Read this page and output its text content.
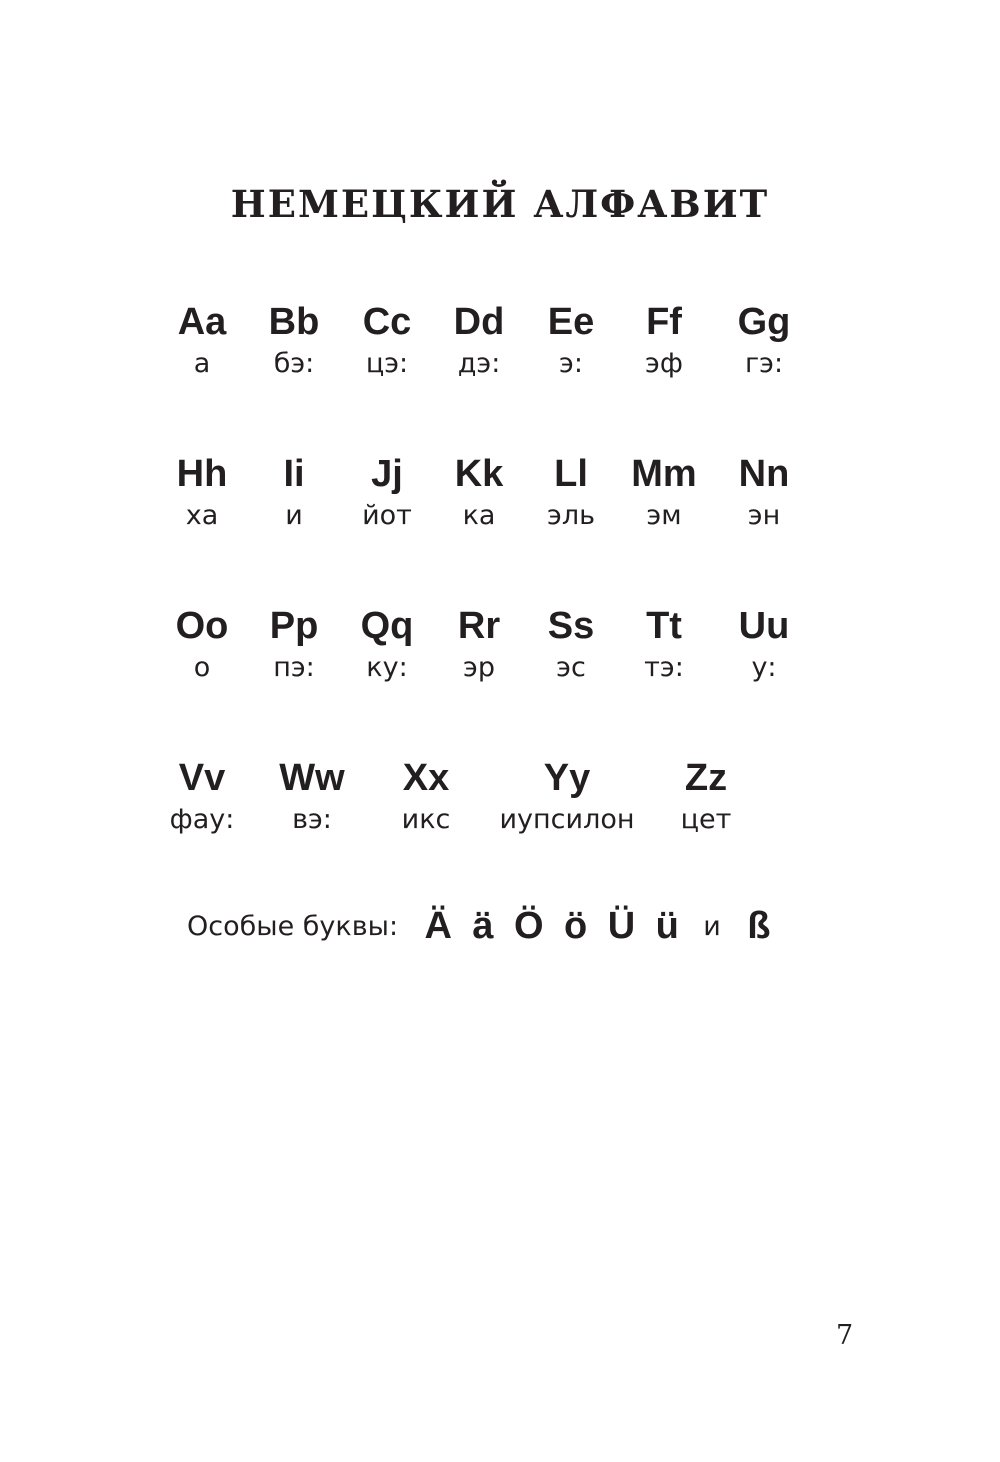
НЕМЕЦКИЙ АЛФАВИТ
Aa
а
Bb
бэ:
Cc
цэ:
Dd
дэ:
Ee
э:
Ff
эф
Gg
гэ:
Hh
ха
Ii
и
Jj
йот
Kk
ка
Ll
эль
Mm
эм
Nn
эн
Oo
о
Pp
пэ:
Qq
ку:
Rr
эр
Ss
эс
Tt
тэ:
Uu
у:
Vv
фау:
Ww
вэ:
Xx
икс
Yy
иупсилон
Zz
цет
Особые буквы: Ä ä Ö ö Ü ü и ß
7
